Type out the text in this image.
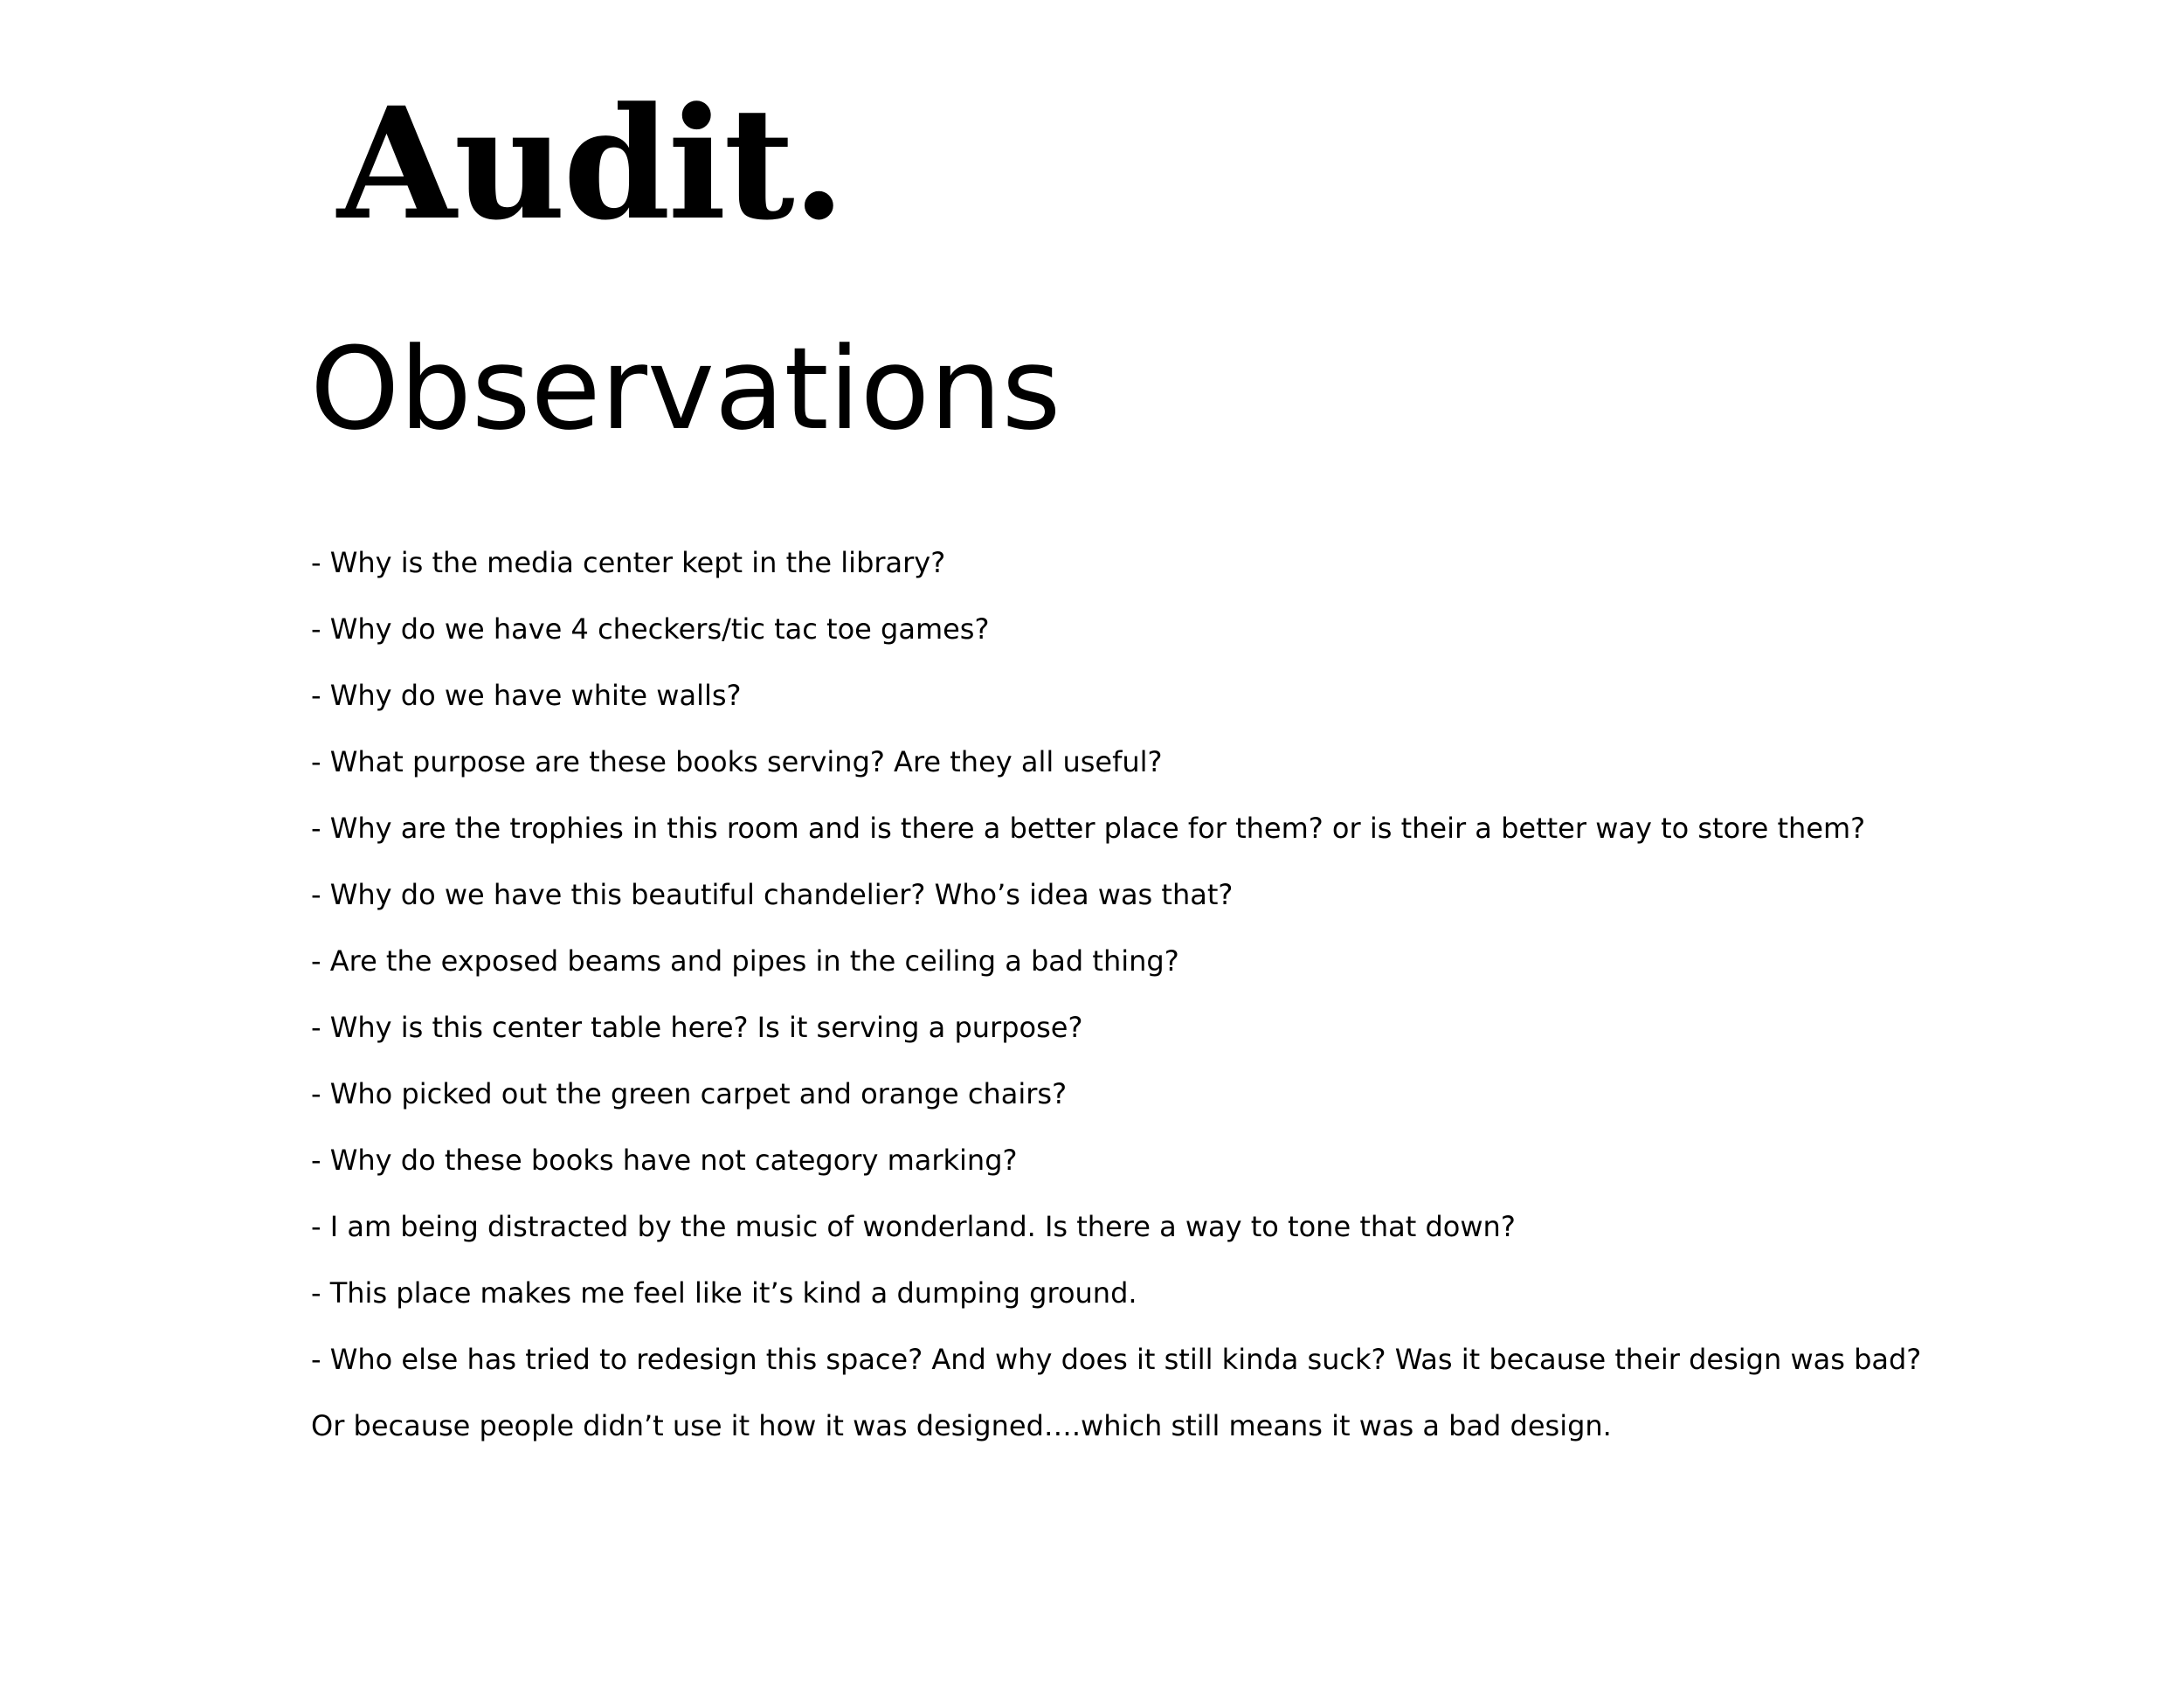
Audit.
Observations
- Why is the media center kept in the library?
- Why do we have 4 checkers/tic tac toe games?
- Why do we have white walls?
- What purpose are these books serving? Are they all useful?
- Why are the trophies in this room and is there a better place for them? or is their a better way to store them?
- Why do we have this beautiful chandelier? Who’s idea was that?
- Are the exposed beams and pipes in the ceiling a bad thing?
- Why is this center table here? Is it serving a purpose?
- Who picked out the green carpet and orange chairs?
- Why do these books have not category marking?
- I am being distracted by the music of wonderland. Is there a way to tone that down?
- This place makes me feel like it’s kind a dumping ground.
- Who else has tried to redesign this space? And why does it still kinda suck? Was it because their design was bad?
Or because people didn’t use it how it was designed….which still means it was a bad design.
